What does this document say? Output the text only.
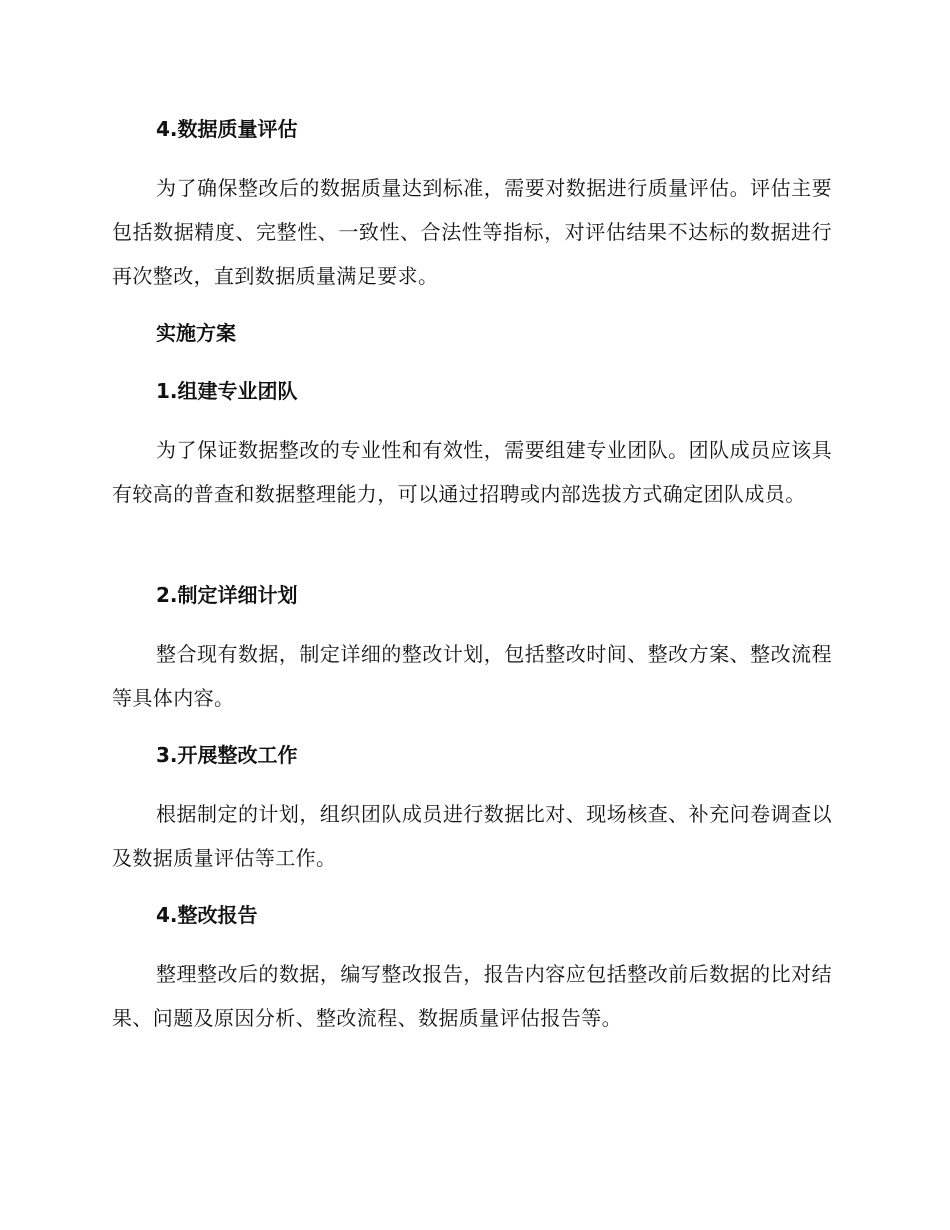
4.数据质量评估
为了确保整改后的数据质量达到标准，需要对数据进行质量评估。评估主要包括数据精度、完整性、一致性、合法性等指标，对评估结果不达标的数据进行再次整改，直到数据质量满足要求。
实施方案
1.组建专业团队
为了保证数据整改的专业性和有效性，需要组建专业团队。团队成员应该具有较高的普查和数据整理能力，可以通过招聘或内部选拔方式确定团队成员。
2.制定详细计划
整合现有数据，制定详细的整改计划，包括整改时间、整改方案、整改流程等具体内容。
3.开展整改工作
根据制定的计划，组织团队成员进行数据比对、现场核查、补充问卷调查以及数据质量评估等工作。
4.整改报告
整理整改后的数据，编写整改报告，报告内容应包括整改前后数据的比对结果、问题及原因分析、整改流程、数据质量评估报告等。
